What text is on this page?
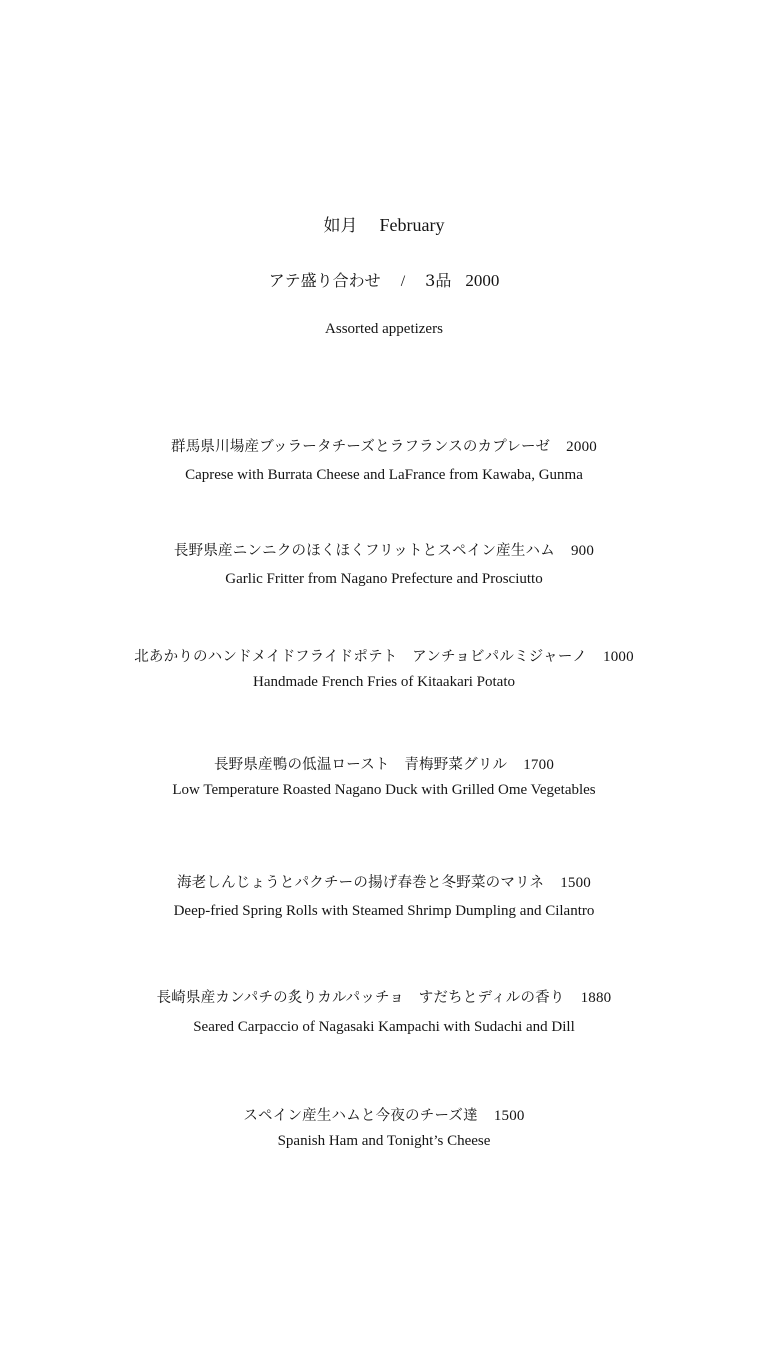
如月 February
アテ盛り合わせ / 3品 2000
Assorted appetizers
群馬県川場産ブッラータチーズとラフランスのカプレーゼ 2000
Caprese with Burrata Cheese and LaFrance from Kawaba, Gunma
長野県産ニンニクのほくほくフリットとスペイン産生ハム 900
Garlic Fritter from Nagano Prefecture and Prosciutto
北あかりのハンドメイドフライドポテト　アンチョビパルミジャーノ 1000
Handmade French Fries of Kitaakari Potato
長野県産鴨の低温ロースト　青梅野菜グリル 1700
Low Temperature Roasted Nagano Duck with Grilled Ome Vegetables
海老しんじょうとパクチーの揚げ春巻と冬野菜のマリネ 1500
Deep-fried Spring Rolls with Steamed Shrimp Dumpling and Cilantro
長崎県産カンパチの炙りカルパッチョ　すだちとディルの香り 1880
Seared Carpaccio of Nagasaki Kampachi with Sudachi and Dill
スペイン産生ハムと今夜のチーズ達 1500
Spanish Ham and Tonight’s Cheese
